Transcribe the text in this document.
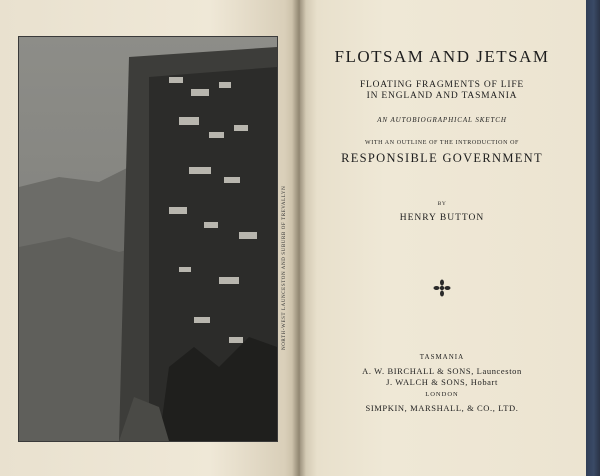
NORTH-WEST LAUNCESTON AND SUBURB OF TREVALLYN
FLOTSAM AND JETSAM
FLOATING FRAGMENTS OF LIFE
IN ENGLAND AND TASMANIA
AN AUTOBIOGRAPHICAL SKETCH
WITH AN OUTLINE OF THE INTRODUCTION OF
RESPONSIBLE GOVERNMENT
BY
HENRY BUTTON
TASMANIA
A. W. BIRCHALL & SONS, Launceston
J. WALCH & SONS, Hobart
LONDON
SIMPKIN, MARSHALL, & CO., LTD.
